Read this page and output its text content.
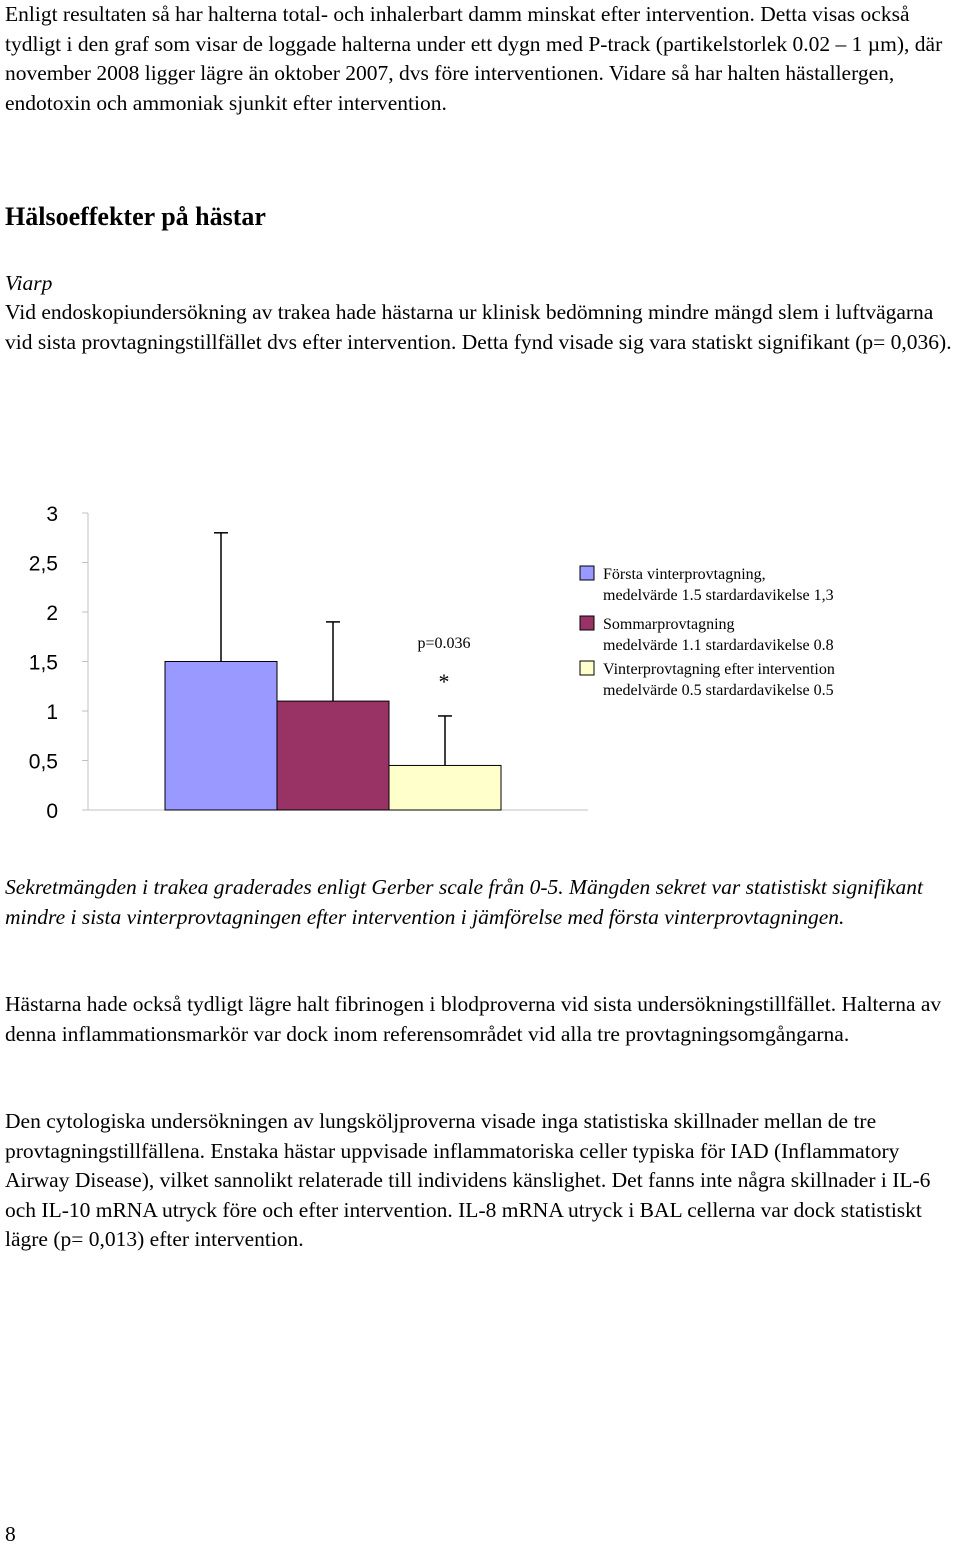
Enligt resultaten så har halterna total- och inhalerbart damm minskat efter intervention. Detta visas också tydligt i den graf som visar de loggade halterna under ett dygn med P-track (partikelstorlek 0.02 – 1 µm), där november 2008 ligger lägre än oktober 2007, dvs före interventionen. Vidare så har halten hästallergen, endotoxin och ammoniak sjunkit efter intervention.

Hälsoeffekter på hästar

Viarp

Vid endoskopiundersökning av trakea hade hästarna ur klinisk bedömning mindre mängd slem i luftvägarna vid sista provtagningstillfället dvs efter intervention. Detta fynd visade sig vara statiskt signifikant (p= 0,036).

0
0,5
1
1,5
2
2,5
3
p=0.036
*
Första vinterprovtagning,
medelvärde 1.5 stardardavikelse 1,3
Sommarprovtagning
medelvärde 1.1 stardardavikelse 0.8
Vinterprovtagning efter intervention
medelvärde 0.5 stardardavikelse 0.5

Sekretmängden i trakea graderades enligt Gerber scale från 0-5. Mängden sekret var statistiskt signifikant mindre i sista vinterprovtagningen efter intervention i jämförelse med första vinterprovtagningen.

Hästarna hade också tydligt lägre halt fibrinogen i blodproverna vid sista undersökningstillfället. Halterna av denna inflammationsmarkör var dock inom referensområdet vid alla tre provtagningsomgångarna.

Den cytologiska undersökningen av lungsköljproverna visade inga statistiska skillnader mellan de tre provtagningstillfällena. Enstaka hästar uppvisade inflammatoriska celler typiska för IAD (Inflammatory Airway Disease), vilket sannolikt relaterade till individens känslighet. Det fanns inte några skillnader i IL-6 och IL-10 mRNA utryck före och efter intervention. IL-8 mRNA utryck i BAL cellerna var dock statistiskt lägre (p= 0,013) efter intervention.

8
